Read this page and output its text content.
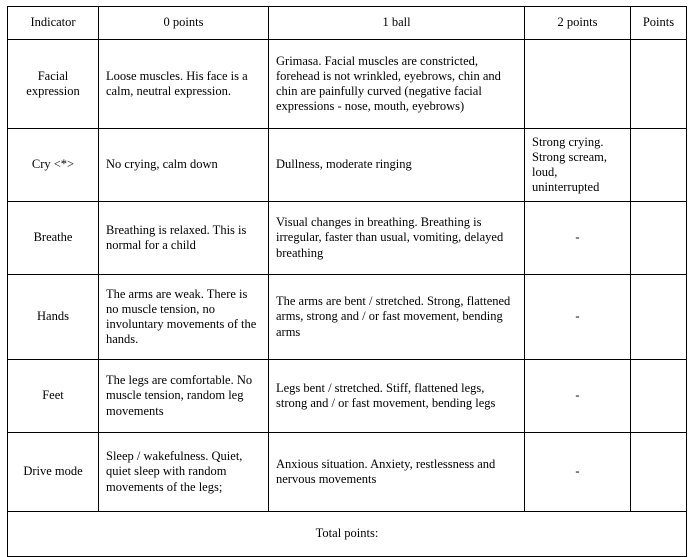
Indicator	0 points	1 ball	2 points	Points
Facial expression	Loose muscles. His face is a calm, neutral expression.	Grimasa. Facial muscles are constricted, forehead is not wrinkled, eyebrows, chin and chin are painfully curved (negative facial expressions - nose, mouth, eyebrows)		
Cry <*>	No crying, calm down	Dullness, moderate ringing	Strong crying. Strong scream, loud, uninterrupted	
Breathe	Breathing is relaxed. This is normal for a child	Visual changes in breathing. Breathing is irregular, faster than usual, vomiting, delayed breathing	-	
Hands	The arms are weak. There is no muscle tension, no involuntary movements of the hands.	The arms are bent / stretched. Strong, flattened arms, strong and / or fast movement, bending arms	-	
Feet	The legs are comfortable. No muscle tension, random leg movements	Legs bent / stretched. Stiff, flattened legs, strong and / or fast movement, bending legs	-	
Drive mode	Sleep / wakefulness. Quiet, quiet sleep with random movements of the legs;	Anxious situation. Anxiety, restlessness and nervous movements	-	
Total points:				
